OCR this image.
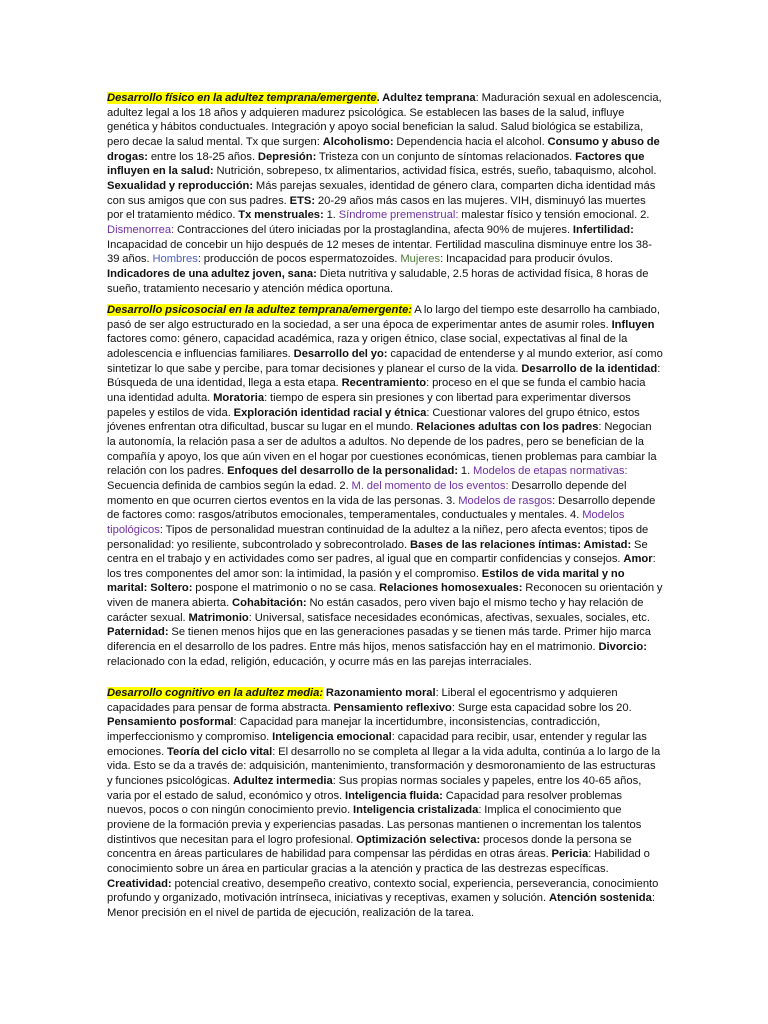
Desarrollo físico en la adultez temprana/emergente. Adultez temprana: Maduración sexual en adolescencia, adultez legal a los 18 años y adquieren madurez psicológica. Se establecen las bases de la salud, influye genética y hábitos conductuales. Integración y apoyo social benefician la salud. Salud biológica se estabiliza, pero decae la salud mental. Tx que surgen: Alcoholismo: Dependencia hacia el alcohol. Consumo y abuso de drogas: entre los 18-25 años. Depresión: Tristeza con un conjunto de síntomas relacionados. Factores que influyen en la salud: Nutrición, sobrepeso, tx alimentarios, actividad física, estrés, sueño, tabaquismo, alcohol. Sexualidad y reproducción: Más parejas sexuales, identidad de género clara, comparten dicha identidad más con sus amigos que con sus padres. ETS: 20-29 años más casos en las mujeres. VIH, disminuyó las muertes por el tratamiento médico. Tx menstruales: 1. Síndrome premenstrual: malestar físico y tensión emocional. 2. Dismenorrea: Contracciones del útero iniciadas por la prostaglandina, afecta 90% de mujeres. Infertilidad: Incapacidad de concebir un hijo después de 12 meses de intentar. Fertilidad masculina disminuye entre los 38-39 años. Hombres: producción de pocos espermatozoides. Mujeres: Incapacidad para producir óvulos. Indicadores de una adultez joven, sana: Dieta nutritiva y saludable, 2.5 horas de actividad física, 8 horas de sueño, tratamiento necesario y atención médica oportuna.

Desarrollo psicosocial en la adultez temprana/emergente: A lo largo del tiempo este desarrollo ha cambiado, pasó de ser algo estructurado en la sociedad, a ser una época de experimentar antes de asumir roles. Influyen factores como: género, capacidad académica, raza y origen étnico, clase social, expectativas al final de la adolescencia e influencias familiares. Desarrollo del yo: capacidad de entenderse y al mundo exterior, así como sintetizar lo que sabe y percibe, para tomar decisiones y planear el curso de la vida. Desarrollo de la identidad: Búsqueda de una identidad, llega a esta etapa. Recentramiento: proceso en el que se funda el cambio hacia una identidad adulta. Moratoria: tiempo de espera sin presiones y con libertad para experimentar diversos papeles y estilos de vida. Exploración identidad racial y étnica: Cuestionar valores del grupo étnico, estos jóvenes enfrentan otra dificultad, buscar su lugar en el mundo. Relaciones adultas con los padres: Negocian la autonomía, la relación pasa a ser de adultos a adultos. No depende de los padres, pero se benefician de la compañía y apoyo, los que aún viven en el hogar por cuestiones económicas, tienen problemas para cambiar la relación con los padres. Enfoques del desarrollo de la personalidad: 1. Modelos de etapas normativas: Secuencia definida de cambios según la edad. 2. M. del momento de los eventos: Desarrollo depende del momento en que ocurren ciertos eventos en la vida de las personas. 3. Modelos de rasgos: Desarrollo depende de factores como: rasgos/atributos emocionales, temperamentales, conductuales y mentales. 4. Modelos tipológicos: Tipos de personalidad muestran continuidad de la adultez a la niñez, pero afecta eventos; tipos de personalidad: yo resiliente, subcontrolado y sobrecontrolado. Bases de las relaciones íntimas: Amistad: Se centra en el trabajo y en actividades como ser padres, al igual que en compartir confidencias y consejos. Amor: los tres componentes del amor son: la intimidad, la pasión y el compromiso. Estilos de vida marital y no marital: Soltero: pospone el matrimonio o no se casa. Relaciones homosexuales: Reconocen su orientación y viven de manera abierta. Cohabitación: No están casados, pero viven bajo el mismo techo y hay relación de carácter sexual. Matrimonio: Universal, satisface necesidades económicas, afectivas, sexuales, sociales, etc. Paternidad: Se tienen menos hijos que en las generaciones pasadas y se tienen más tarde. Primer hijo marca diferencia en el desarrollo de los padres. Entre más hijos, menos satisfacción hay en el matrimonio. Divorcio: relacionado con la edad, religión, educación, y ocurre más en las parejas interraciales.

Desarrollo cognitivo en la adultez media: Razonamiento moral: Liberal el egocentrismo y adquieren capacidades para pensar de forma abstracta. Pensamiento reflexivo: Surge esta capacidad sobre los 20. Pensamiento posformal: Capacidad para manejar la incertidumbre, inconsistencias, contradicción, imperfeccionismo y compromiso. Inteligencia emocional: capacidad para recibir, usar, entender y regular las emociones. Teoría del ciclo vital: El desarrollo no se completa al llegar a la vida adulta, continúa a lo largo de la vida. Esto se da a través de: adquisición, mantenimiento, transformación y desmoronamiento de las estructuras y funciones psicológicas. Adultez intermedia: Sus propias normas sociales y papeles, entre los 40-65 años, varia por el estado de salud, económico y otros. Inteligencia fluida: Capacidad para resolver problemas nuevos, pocos o con ningún conocimiento previo. Inteligencia cristalizada: Implica el conocimiento que proviene de la formación previa y experiencias pasadas. Las personas mantienen o incrementan los talentos distintivos que necesitan para el logro profesional. Optimización selectiva: procesos donde la persona se concentra en áreas particulares de habilidad para compensar las pérdidas en otras áreas. Pericia: Habilidad o conocimiento sobre un área en particular gracias a la atención y practica de las destrezas específicas. Creatividad: potencial creativo, desempeño creativo, contexto social, experiencia, perseverancia, conocimiento profundo y organizado, motivación intrínseca, iniciativas y receptivas, examen y solución. Atención sostenida: Menor precisión en el nivel de partida de ejecución, realización de la tarea.
